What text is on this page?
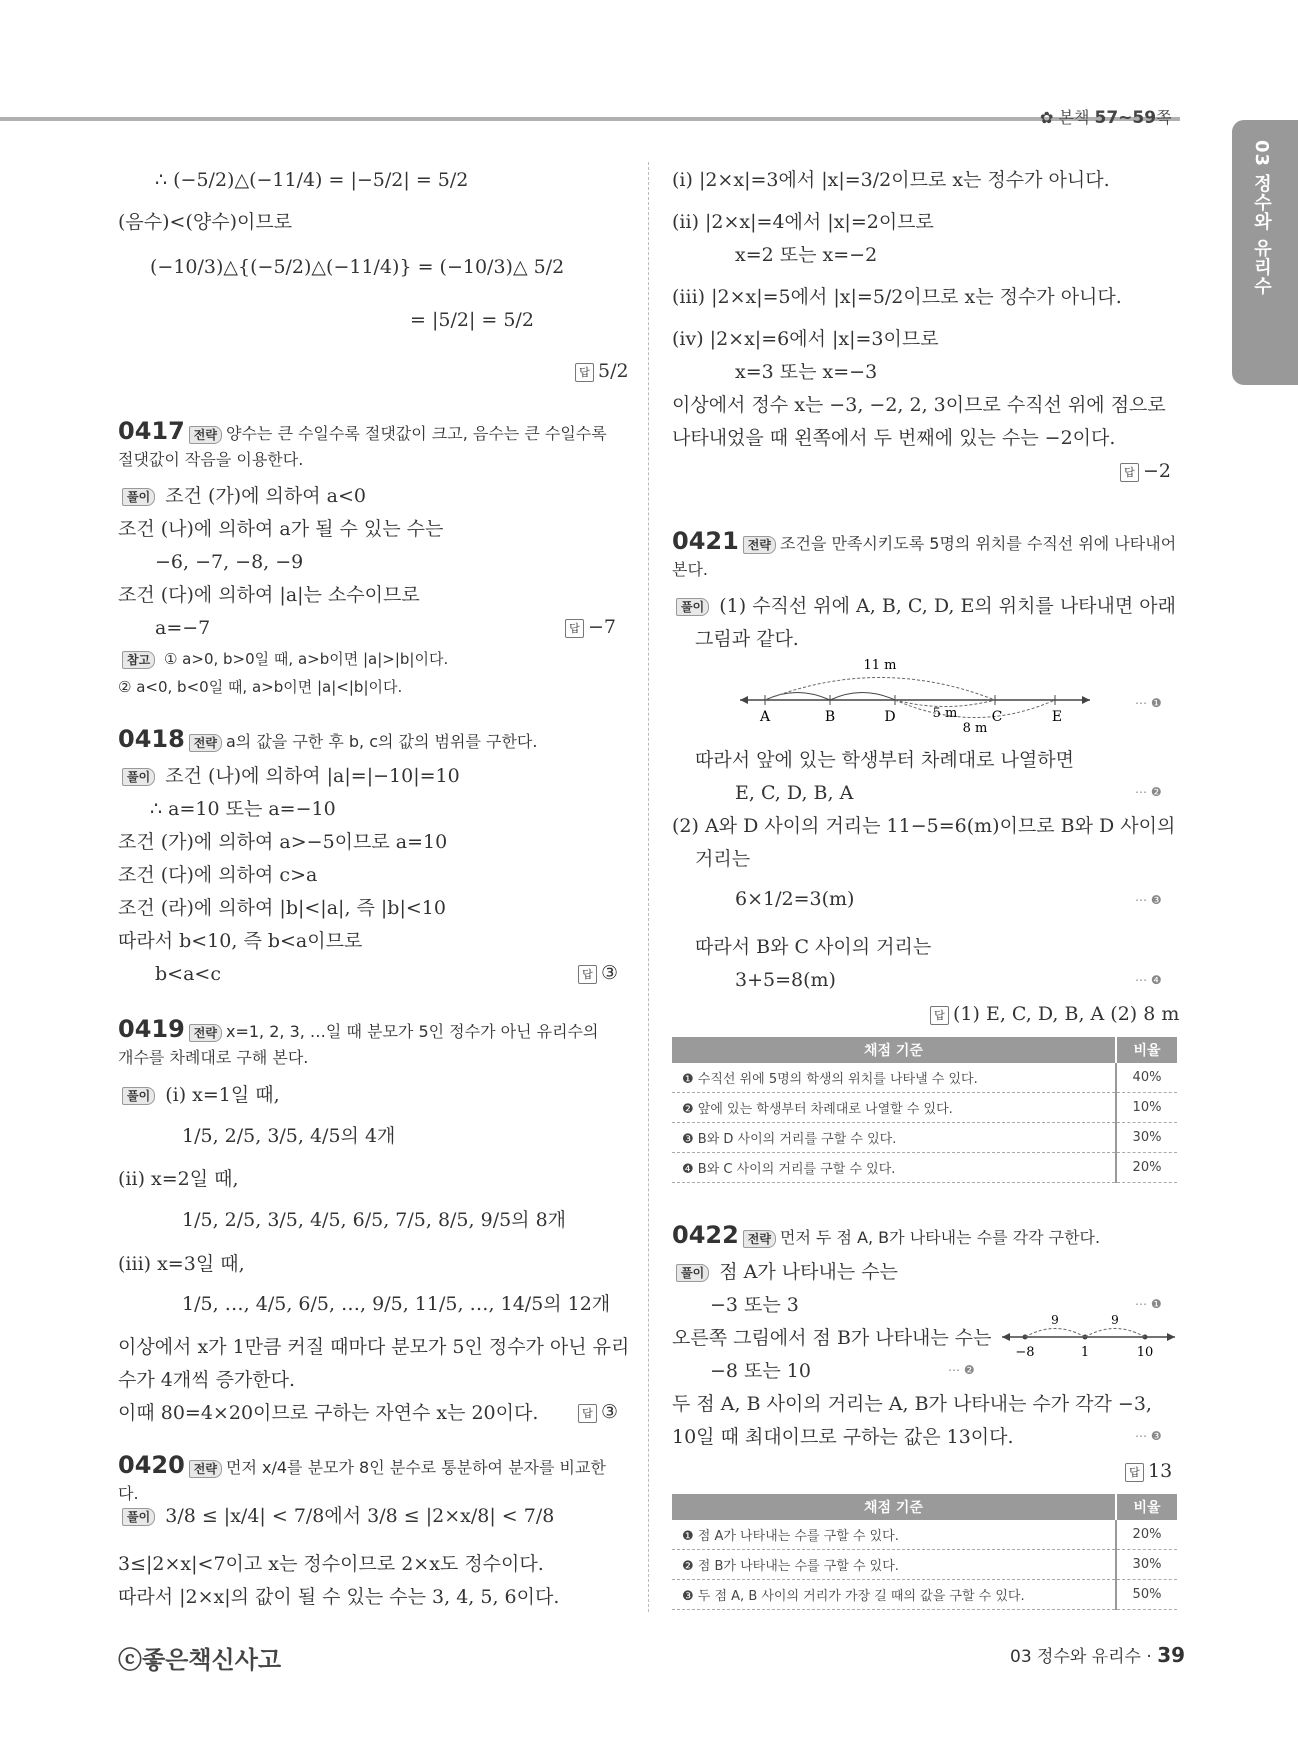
✿ 본책 57~59쪽
03 정수와 유리수
∴ (−5/2)△(−11/4) = |−5/2| = 5/2
(음수)<(양수)이므로
(−10/3)△{(−5/2)△(−11/4)} = (−10/3)△ 5/2
= |5/2| = 5/2
답 5/2
0417 전략 양수는 큰 수일수록 절댓값이 크고, 음수는 큰 수일수록 절댓값이 작음을 이용한다.
풀이 조건 (가)에 의하여 a<0
조건 (나)에 의하여 a가 될 수 있는 수는
−6, −7, −8, −9
조건 (다)에 의하여 |a|는 소수이므로
a=−7	답 −7
참고 ① a>0, b>0일 때, a>b이면 |a|>|b|이다.
② a<0, b<0일 때, a>b이면 |a|<|b|이다.
0418 전략 a의 값을 구한 후 b, c의 값의 범위를 구한다.
풀이 조건 (나)에 의하여 |a|=|−10|=10
∴ a=10 또는 a=−10
조건 (가)에 의하여 a>−5이므로 a=10
조건 (다)에 의하여 c>a
조건 (라)에 의하여 |b|<|a|, 즉 |b|<10
따라서 b<10, 즉 b<a이므로
b<a<c	답 ③
0419 전략 x=1, 2, 3, …일 때 분모가 5인 정수가 아닌 유리수의 개수를 차례대로 구해 본다.
풀이 (i) x=1일 때,
1/5, 2/5, 3/5, 4/5의 4개
(ii) x=2일 때,
1/5, 2/5, 3/5, 4/5, 6/5, 7/5, 8/5, 9/5의 8개
(iii) x=3일 때,
1/5, …, 4/5, 6/5, …, 9/5, 11/5, …, 14/5의 12개
이상에서 x가 1만큼 커질 때마다 분모가 5인 정수가 아닌 유리
수가 4개씩 증가한다.
이때 80=4×20이므로 구하는 자연수 x는 20이다.	답 ③
0420 전략 먼저 x/4를 분모가 8인 분수로 통분하여 분자를 비교한다.
풀이 3/8 ≤ |x/4| < 7/8에서 3/8 ≤ |2×x/8| < 7/8
3≤|2×x|<7이고 x는 정수이므로 2×x도 정수이다.
따라서 |2×x|의 값이 될 수 있는 수는 3, 4, 5, 6이다.
(i) |2×x|=3에서 |x|=3/2이므로 x는 정수가 아니다.
(ii) |2×x|=4에서 |x|=2이므로
x=2 또는 x=−2
(iii) |2×x|=5에서 |x|=5/2이므로 x는 정수가 아니다.
(iv) |2×x|=6에서 |x|=3이므로
x=3 또는 x=−3
이상에서 정수 x는 −3, −2, 2, 3이므로 수직선 위에 점으로
나타내었을 때 왼쪽에서 두 번째에 있는 수는 −2이다.
답 −2
0421 전략 조건을 만족시키도록 5명의 위치를 수직선 위에 나타내어 본다.
풀이 (1) 수직선 위에 A, B, C, D, E의 위치를 나타내면 아래
그림과 같다.
A	B	D	C	E
11 m
5 m
8 m
⋯ ❶
따라서 앞에 있는 학생부터 차례대로 나열하면
E, C, D, B, A	⋯ ❷
(2) A와 D 사이의 거리는 11−5=6(m)이므로 B와 D 사이의
거리는
6×1/2=3(m)	⋯ ❸
따라서 B와 C 사이의 거리는
3+5=8(m)	⋯ ❹
답 (1) E, C, D, B, A (2) 8 m
채점 기준	비율
❶ 수직선 위에 5명의 학생의 위치를 나타낼 수 있다.	40%
❷ 앞에 있는 학생부터 차례대로 나열할 수 있다.	10%
❸ B와 D 사이의 거리를 구할 수 있다.	30%
❹ B와 C 사이의 거리를 구할 수 있다.	20%
0422 전략 먼저 두 점 A, B가 나타내는 수를 각각 구한다.
풀이 점 A가 나타내는 수는
−3 또는 3	⋯ ❶
오른쪽 그림에서 점 B가 나타내는 수는
−8 또는 10	⋯ ❷
9	9
−8	1	10
두 점 A, B 사이의 거리는 A, B가 나타내는 수가 각각 −3,
10일 때 최대이므로 구하는 값은 13이다.	⋯ ❸
답 13
채점 기준	비율
❶ 점 A가 나타내는 수를 구할 수 있다.	20%
❷ 점 B가 나타내는 수를 구할 수 있다.	30%
❸ 두 점 A, B 사이의 거리가 가장 길 때의 값을 구할 수 있다.	50%
ⓒ좋은책신사고	03 정수와 유리수 · 39
